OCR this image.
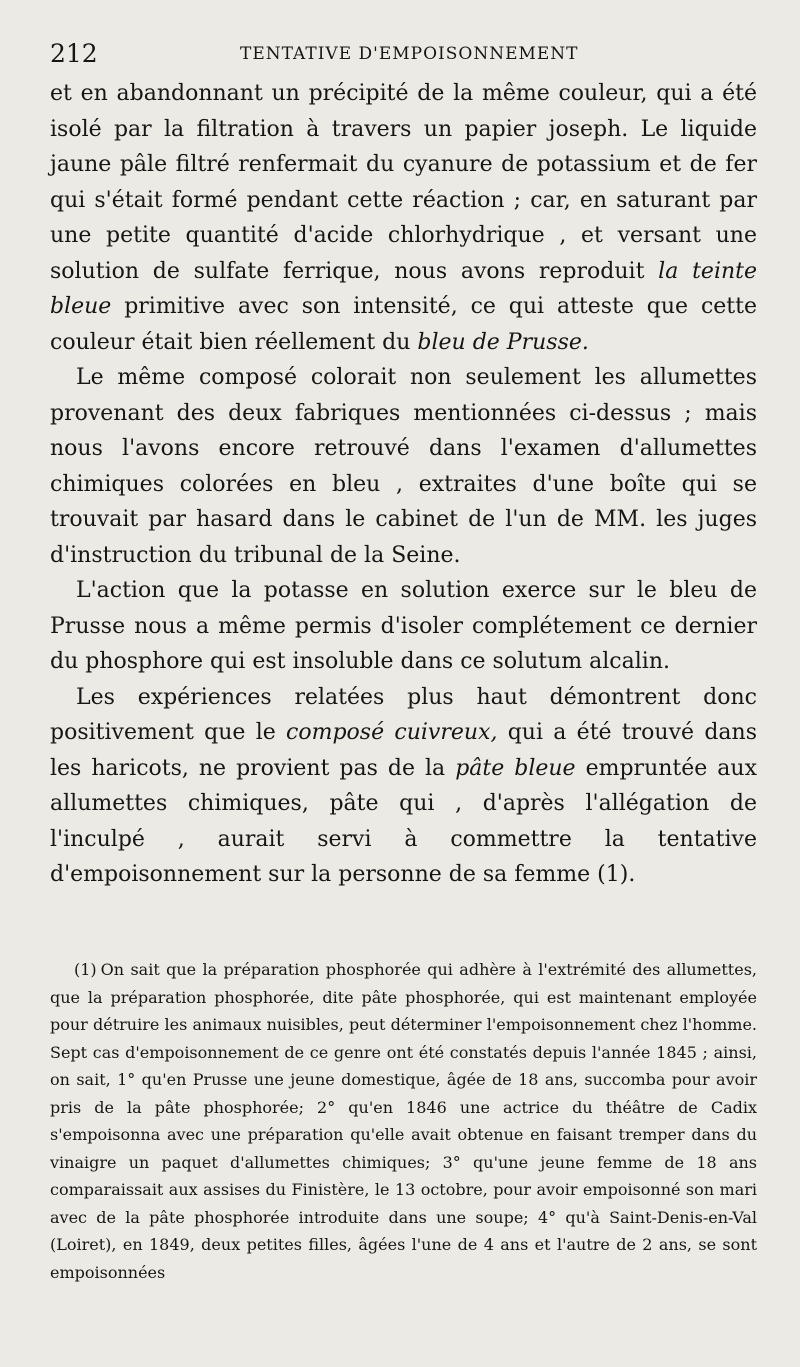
212	TENTATIVE D'EMPOISONNEMENT

et en abandonnant un précipité de la même couleur, qui a été isolé par la filtration à travers un papier joseph. Le liquide jaune pâle filtré renfermait du cyanure de potassium et de fer qui s'était formé pendant cette réaction ; car, en saturant par une petite quantité d'acide chlorhydrique , et versant une solution de sulfate ferrique, nous avons reproduit la teinte bleue primitive avec son intensité, ce qui atteste que cette couleur était bien réellement du bleu de Prusse.

Le même composé colorait non seulement les allumettes provenant des deux fabriques mentionnées ci-dessus ; mais nous l'avons encore retrouvé dans l'examen d'allumettes chimiques colorées en bleu , extraites d'une boîte qui se trouvait par hasard dans le cabinet de l'un de MM. les juges d'instruction du tribunal de la Seine.

L'action que la potasse en solution exerce sur le bleu de Prusse nous a même permis d'isoler complétement ce dernier du phosphore qui est insoluble dans ce solutum alcalin.

Les expériences relatées plus haut démontrent donc positivement que le composé cuivreux, qui a été trouvé dans les haricots, ne provient pas de la pâte bleue empruntée aux allumettes chimiques, pâte qui , d'après l'allégation de l'inculpé , aurait servi à commettre la tentative d'empoisonnement sur la personne de sa femme (1).

(1) On sait que la préparation phosphorée qui adhère à l'extrémité des allumettes, que la préparation phosphorée, dite pâte phosphorée, qui est maintenant employée pour détruire les animaux nuisibles, peut déterminer l'empoisonnement chez l'homme. Sept cas d'empoisonnement de ce genre ont été constatés depuis l'année 1845 ; ainsi, on sait, 1° qu'en Prusse une jeune domestique, âgée de 18 ans, succomba pour avoir pris de la pâte phosphorée; 2° qu'en 1846 une actrice du théâtre de Cadix s'empoisonna avec une préparation qu'elle avait obtenue en faisant tremper dans du vinaigre un paquet d'allumettes chimiques; 3° qu'une jeune femme de 18 ans comparaissait aux assises du Finistère, le 13 octobre, pour avoir empoisonné son mari avec de la pâte phosphorée introduite dans une soupe; 4° qu'à Saint-Denis-en-Val (Loiret), en 1849, deux petites filles, âgées l'une de 4 ans et l'autre de 2 ans, se sont empoisonnées
